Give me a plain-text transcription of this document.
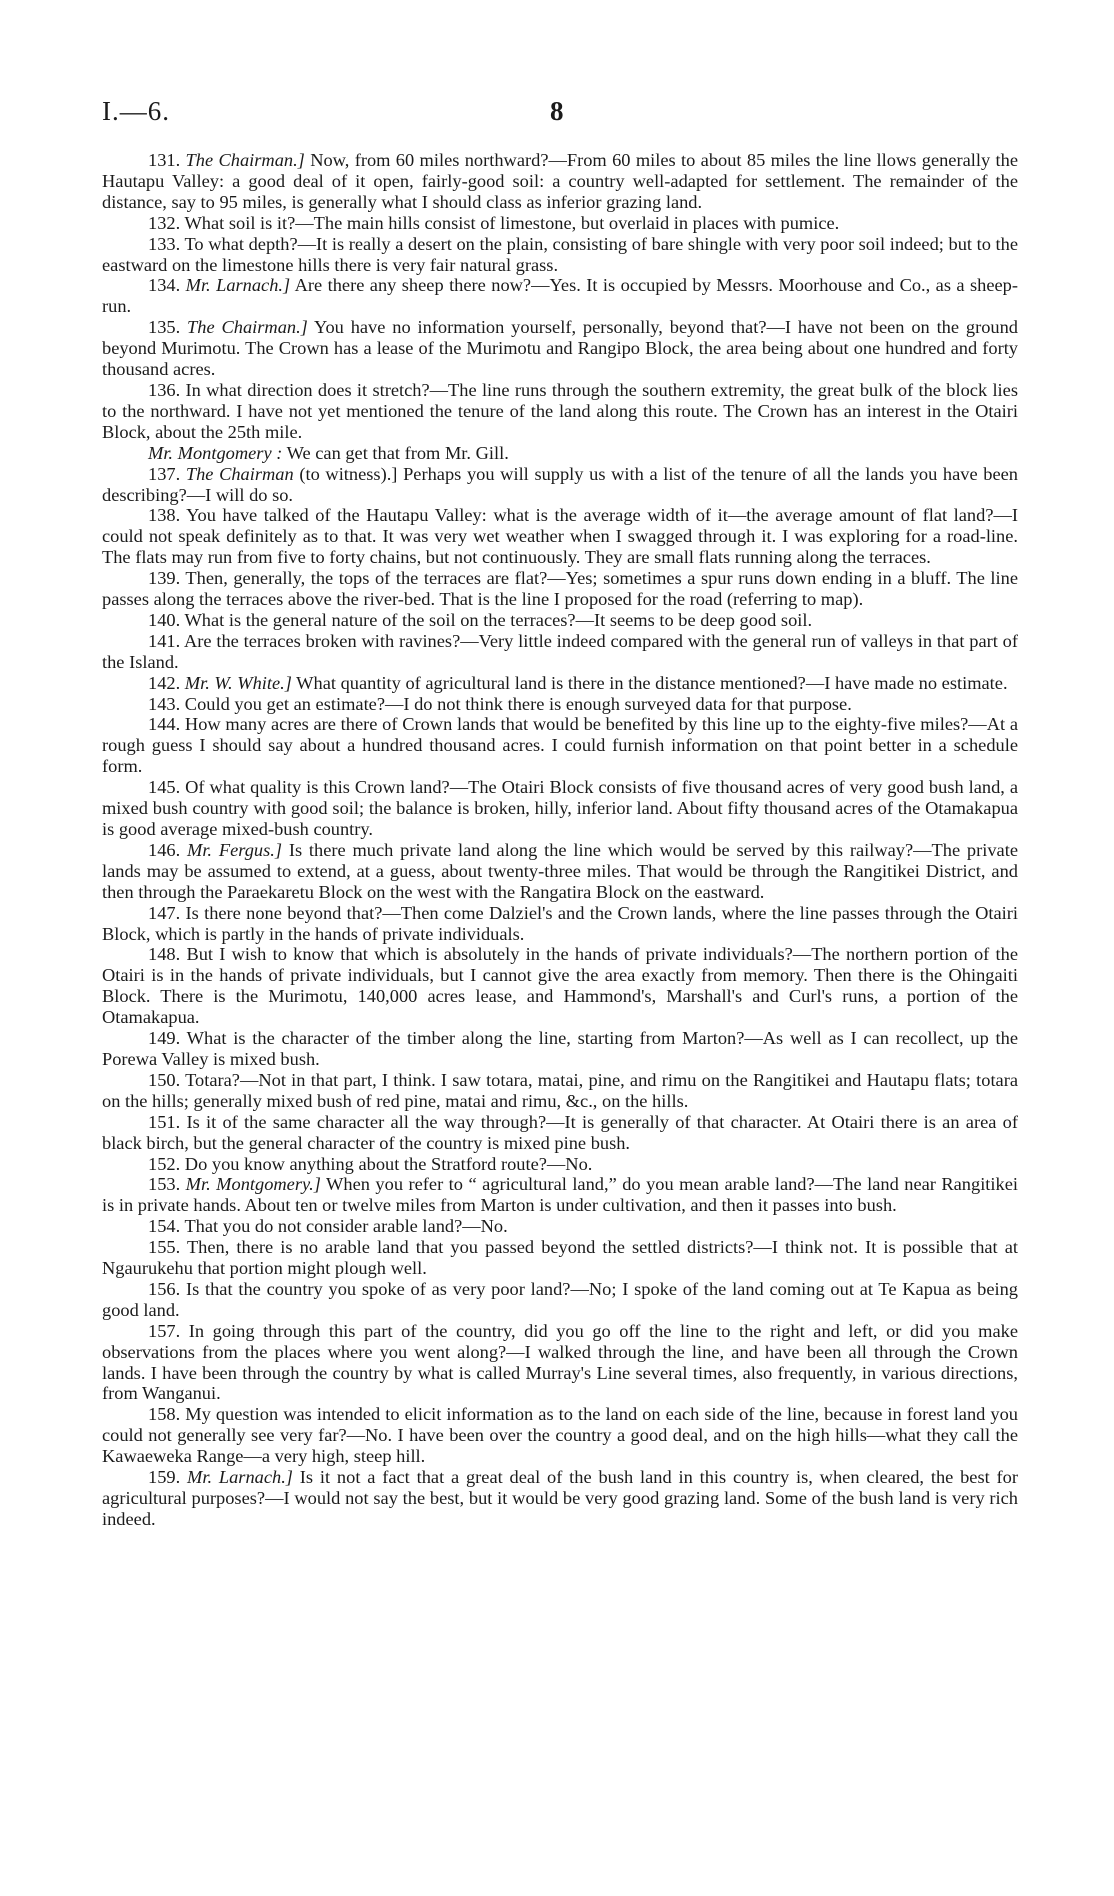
I.—6.	8

131. The Chairman.] Now, from 60 miles northward?—From 60 miles to about 85 miles the line llows generally the Hautapu Valley: a good deal of it open, fairly-good soil: a country well-adapted for settlement. The remainder of the distance, say to 95 miles, is generally what I should class as inferior grazing land.

132. What soil is it?—The main hills consist of limestone, but overlaid in places with pumice.

133. To what depth?—It is really a desert on the plain, consisting of bare shingle with very poor soil indeed; but to the eastward on the limestone hills there is very fair natural grass.

134. Mr. Larnach.] Are there any sheep there now?—Yes. It is occupied by Messrs. Moorhouse and Co., as a sheep-run.

135. The Chairman.] You have no information yourself, personally, beyond that?—I have not been on the ground beyond Murimotu. The Crown has a lease of the Murimotu and Rangipo Block, the area being about one hundred and forty thousand acres.

136. In what direction does it stretch?—The line runs through the southern extremity, the great bulk of the block lies to the northward. I have not yet mentioned the tenure of the land along this route. The Crown has an interest in the Otairi Block, about the 25th mile.

Mr. Montgomery : We can get that from Mr. Gill.

137. The Chairman (to witness).] Perhaps you will supply us with a list of the tenure of all the lands you have been describing?—I will do so.

138. You have talked of the Hautapu Valley: what is the average width of it—the average amount of flat land?—I could not speak definitely as to that. It was very wet weather when I swagged through it. I was exploring for a road-line. The flats may run from five to forty chains, but not continuously. They are small flats running along the terraces.

139. Then, generally, the tops of the terraces are flat?—Yes; sometimes a spur runs down ending in a bluff. The line passes along the terraces above the river-bed. That is the line I proposed for the road (referring to map).

140. What is the general nature of the soil on the terraces?—It seems to be deep good soil.

141. Are the terraces broken with ravines?—Very little indeed compared with the general run of valleys in that part of the Island.

142. Mr. W. White.] What quantity of agricultural land is there in the distance mentioned?—I have made no estimate.

143. Could you get an estimate?—I do not think there is enough surveyed data for that purpose.

144. How many acres are there of Crown lands that would be benefited by this line up to the eighty-five miles?—At a rough guess I should say about a hundred thousand acres. I could furnish information on that point better in a schedule form.

145. Of what quality is this Crown land?—The Otairi Block consists of five thousand acres of very good bush land, a mixed bush country with good soil; the balance is broken, hilly, inferior land. About fifty thousand acres of the Otamakapua is good average mixed-bush country.

146. Mr. Fergus.] Is there much private land along the line which would be served by this railway?—The private lands may be assumed to extend, at a guess, about twenty-three miles. That would be through the Rangitikei District, and then through the Paraekaretu Block on the west with the Rangatira Block on the eastward.

147. Is there none beyond that?—Then come Dalziel's and the Crown lands, where the line passes through the Otairi Block, which is partly in the hands of private individuals.

148. But I wish to know that which is absolutely in the hands of private individuals?—The northern portion of the Otairi is in the hands of private individuals, but I cannot give the area exactly from memory. Then there is the Ohingaiti Block. There is the Murimotu, 140,000 acres lease, and Hammond's, Marshall's and Curl's runs, a portion of the Otamakapua.

149. What is the character of the timber along the line, starting from Marton?—As well as I can recollect, up the Porewa Valley is mixed bush.

150. Totara?—Not in that part, I think. I saw totara, matai, pine, and rimu on the Rangitikei and Hautapu flats; totara on the hills; generally mixed bush of red pine, matai and rimu, &c., on the hills.

151. Is it of the same character all the way through?—It is generally of that character. At Otairi there is an area of black birch, but the general character of the country is mixed pine bush.

152. Do you know anything about the Stratford route?—No.

153. Mr. Montgomery.] When you refer to “ agricultural land,” do you mean arable land?—The land near Rangitikei is in private hands. About ten or twelve miles from Marton is under cultivation, and then it passes into bush.

154. That you do not consider arable land?—No.

155. Then, there is no arable land that you passed beyond the settled districts?—I think not. It is possible that at Ngaurukehu that portion might plough well.

156. Is that the country you spoke of as very poor land?—No; I spoke of the land coming out at Te Kapua as being good land.

157. In going through this part of the country, did you go off the line to the right and left, or did you make observations from the places where you went along?—I walked through the line, and have been all through the Crown lands. I have been through the country by what is called Murray's Line several times, also frequently, in various directions, from Wanganui.

158. My question was intended to elicit information as to the land on each side of the line, because in forest land you could not generally see very far?—No. I have been over the country a good deal, and on the high hills—what they call the Kawaeweka Range—a very high, steep hill.

159. Mr. Larnach.] Is it not a fact that a great deal of the bush land in this country is, when cleared, the best for agricultural purposes?—I would not say the best, but it would be very good grazing land. Some of the bush land is very rich indeed.
